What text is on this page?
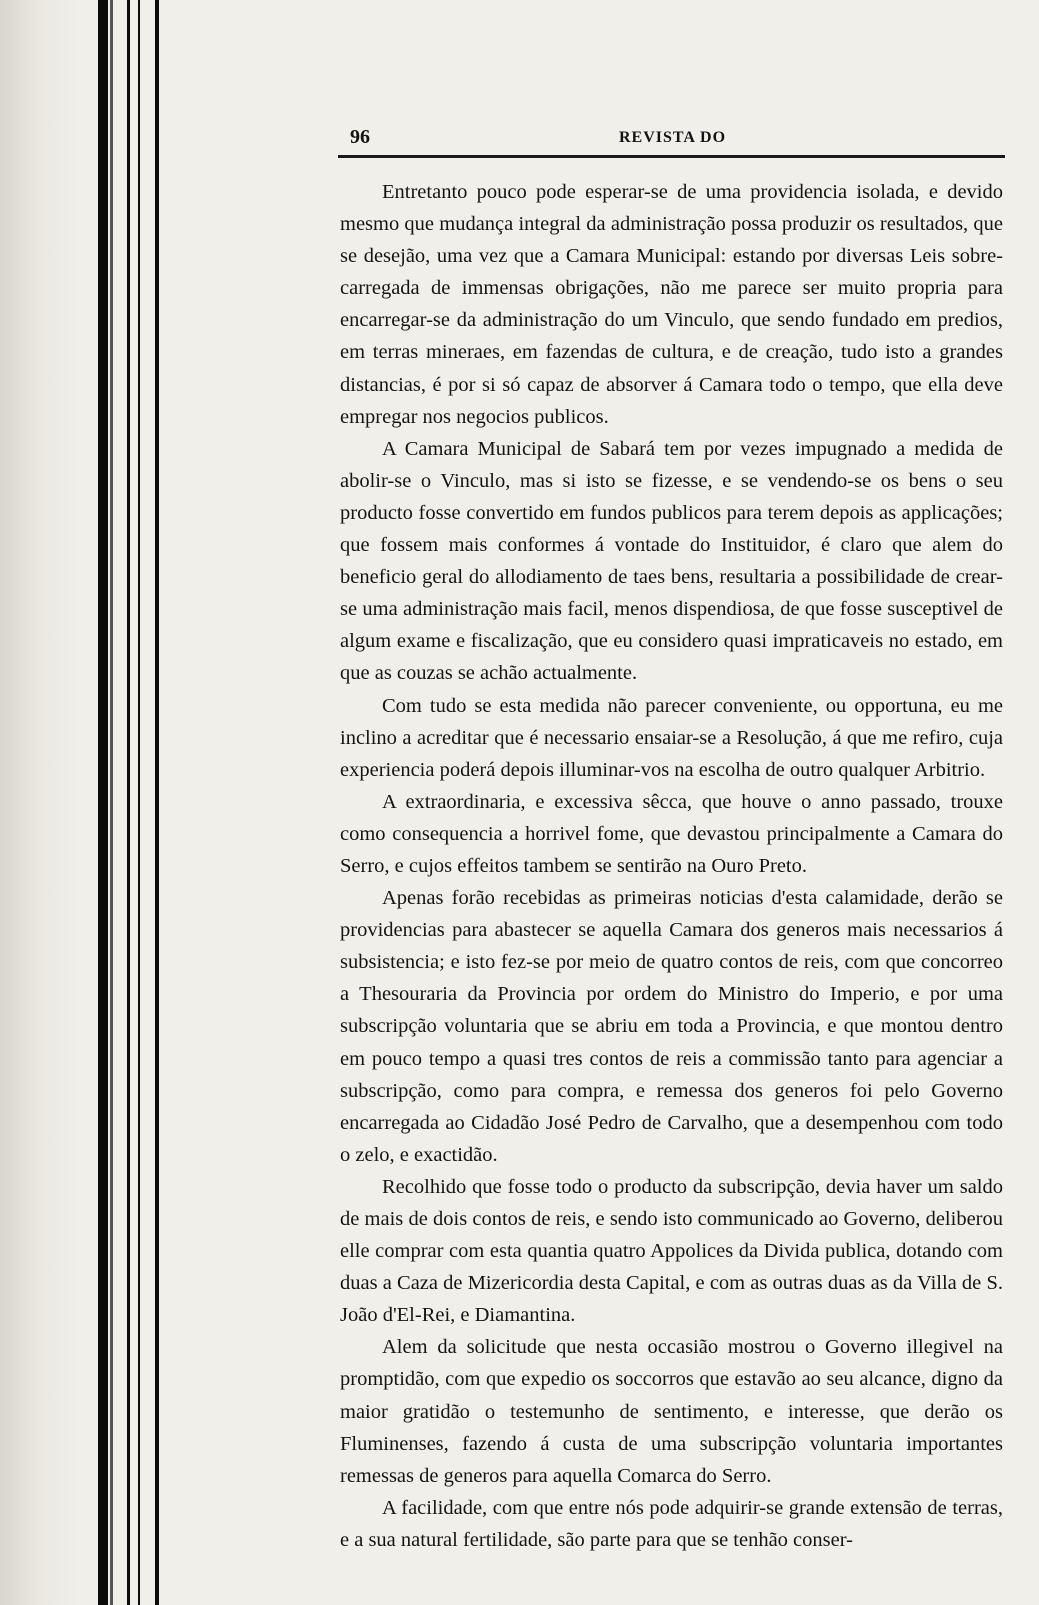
96	REVISTA DO

Entretanto pouco pode esperar-se de uma providencia isolada, e devido mesmo que mudança integral da administração possa produzir os resultados, que se desejão, uma vez que a Camara Municipal: estando por diversas Leis sobre-carregada de immensas obrigações, não me parece ser muito propria para encarregar-se da administração do um Vinculo, que sendo fundado em predios, em terras mineraes, em fazendas de cultura, e de creação, tudo isto a grandes distancias, é por si só capaz de absorver á Camara todo o tempo, que ella deve empregar nos negocios publicos.

A Camara Municipal de Sabará tem por vezes impugnado a medida de abolir-se o Vinculo, mas si isto se fizesse, e se vendendo-se os bens o seu producto fosse convertido em fundos publicos para terem depois as applicações; que fossem mais conformes á vontade do Instituidor, é claro que alem do beneficio geral do allodiamento de taes bens, resultaria a possibilidade de crear-se uma administração mais facil, menos dispendiosa, de que fosse susceptivel de algum exame e fiscalização, que eu considero quasi impraticaveis no estado, em que as couzas se achão actualmente.

Com tudo se esta medida não parecer conveniente, ou opportuna, eu me inclino a acreditar que é necessario ensaiar-se a Resolução, á que me refiro, cuja experiencia poderá depois illuminar-vos na escolha de outro qualquer Arbitrio.

A extraordinaria, e excessiva sêcca, que houve o anno passado, trouxe como consequencia a horrivel fome, que devastou principalmente a Camara do Serro, e cujos effeitos tambem se sentirão na Ouro Preto.

Apenas forão recebidas as primeiras noticias d'esta calamidade, derão se providencias para abastecer se aquella Camara dos generos mais necessarios á subsistencia; e isto fez-se por meio de quatro contos de reis, com que concorreo a Thesouraria da Provincia por ordem do Ministro do Imperio, e por uma subscripção voluntaria que se abriu em toda a Provincia, e que montou dentro em pouco tempo a quasi tres contos de reis a commissão tanto para agenciar a subscripção, como para compra, e remessa dos generos foi pelo Governo encarregada ao Cidadão José Pedro de Carvalho, que a desempenhou com todo o zelo, e exactidão.

Recolhido que fosse todo o producto da subscripção, devia haver um saldo de mais de dois contos de reis, e sendo isto communicado ao Governo, deliberou elle comprar com esta quantia quatro Appolices da Divida publica, dotando com duas a Caza de Mizericordia desta Capital, e com as outras duas as da Villa de S. João d'El-Rei, e Diamantina.

Alem da solicitude que nesta occasião mostrou o Governo illegivel na promptidão, com que expedio os soccorros que estavão ao seu alcance, digno da maior gratidão o testemunho de sentimento, e interesse, que derão os Fluminenses, fazendo á custa de uma subscripção voluntaria importantes remessas de generos para aquella Comarca do Serro.

A facilidade, com que entre nós pode adquirir-se grande extensão de terras, e a sua natural fertilidade, são parte para que se tenhão conser-
